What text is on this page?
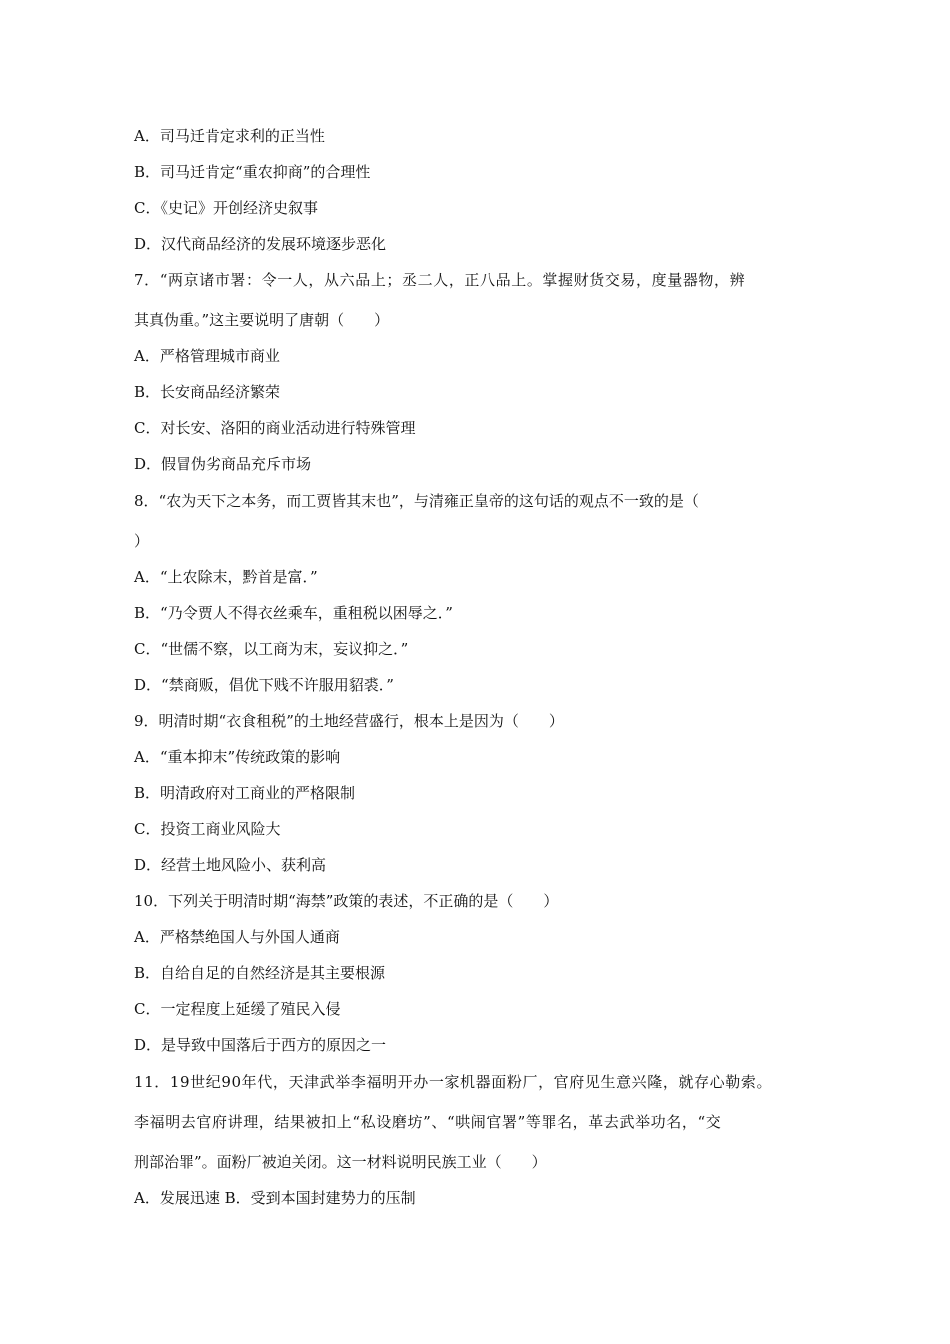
A．司马迁肯定求利的正当性
B．司马迁肯定“重农抑商”的合理性
C．《史记》开创经济史叙事
D．汉代商品经济的发展环境逐步恶化
7．“两京诸市署：令一人，从六品上；丞二人，正八品上。掌握财货交易，度量器物，辨
其真伪重。”这主要说明了唐朝（　　）
A．严格管理城市商业
B．长安商品经济繁荣
C．对长安、洛阳的商业活动进行特殊管理
D．假冒伪劣商品充斥市场
8．“农为天下之本务，而工贾皆其末也”，与清雍正皇帝的这句话的观点不一致的是（
）
A．“上农除末，黔首是富．”
B．“乃令贾人不得衣丝乘车，重租税以困辱之．”
C．“世儒不察，以工商为末，妄议抑之．”
D．“禁商贩，倡优下贱不许服用貂裘．”
9．明清时期“衣食租税”的土地经营盛行，根本上是因为（　　）
A．“重本抑末”传统政策的影响
B．明清政府对工商业的严格限制
C．投资工商业风险大
D．经营土地风险小、获利高
10．下列关于明清时期“海禁”政策的表述，不正确的是（　　）
A．严格禁绝国人与外国人通商
B．自给自足的自然经济是其主要根源
C．一定程度上延缓了殖民入侵
D．是导致中国落后于西方的原因之一
11．19世纪90年代，天津武举李福明开办一家机器面粉厂，官府见生意兴隆，就存心勒索。
李福明去官府讲理，结果被扣上“私设磨坊”、“哄闹官署”等罪名，革去武举功名，“交
刑部治罪”。面粉厂被迫关闭。这一材料说明民族工业（　　）
A．发展迅速 B．受到本国封建势力的压制
